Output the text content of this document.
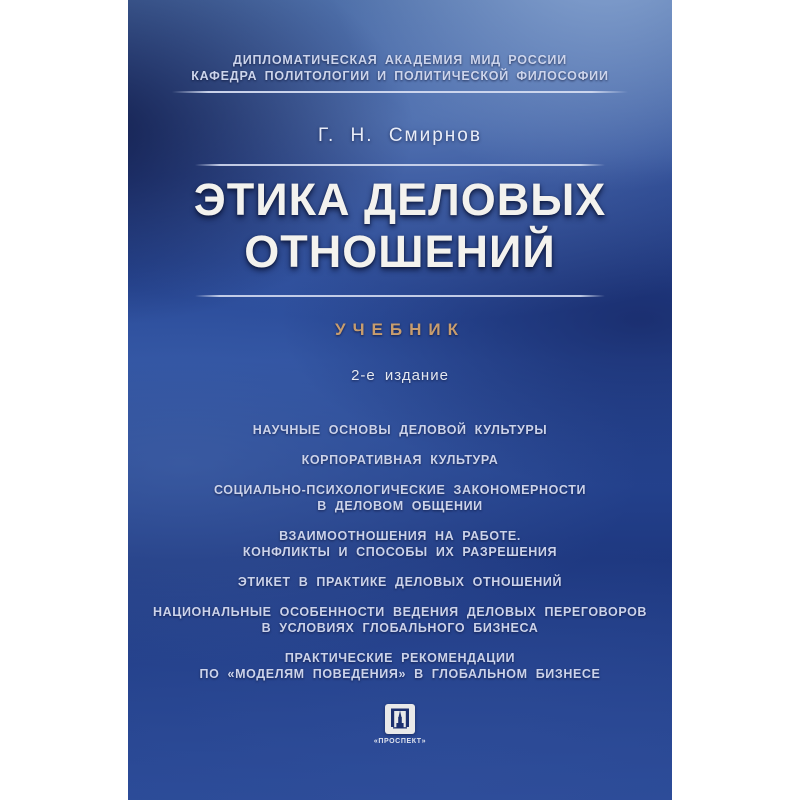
ДИПЛОМАТИЧЕСКАЯ АКАДЕМИЯ МИД РОССИИ
КАФЕДРА ПОЛИТОЛОГИИ И ПОЛИТИЧЕСКОЙ ФИЛОСОФИИ
Г. Н. Смирнов
ЭТИКА ДЕЛОВЫХ
ОТНОШЕНИЙ
УЧЕБНИК
2-е издание
НАУЧНЫЕ ОСНОВЫ ДЕЛОВОЙ КУЛЬТУРЫ
КОРПОРАТИВНАЯ КУЛЬТУРА
СОЦИАЛЬНО-ПСИХОЛОГИЧЕСКИЕ ЗАКОНОМЕРНОСТИ
В ДЕЛОВОМ ОБЩЕНИИ
ВЗАИМООТНОШЕНИЯ НА РАБОТЕ.
КОНФЛИКТЫ И СПОСОБЫ ИХ РАЗРЕШЕНИЯ
ЭТИКЕТ В ПРАКТИКЕ ДЕЛОВЫХ ОТНОШЕНИЙ
НАЦИОНАЛЬНЫЕ ОСОБЕННОСТИ ВЕДЕНИЯ ДЕЛОВЫХ ПЕРЕГОВОРОВ
В УСЛОВИЯХ ГЛОБАЛЬНОГО БИЗНЕСА
ПРАКТИЧЕСКИЕ РЕКОМЕНДАЦИИ
ПО «МОДЕЛЯМ ПОВЕДЕНИЯ» В ГЛОБАЛЬНОМ БИЗНЕСЕ
«ПРОСПЕКТ»
